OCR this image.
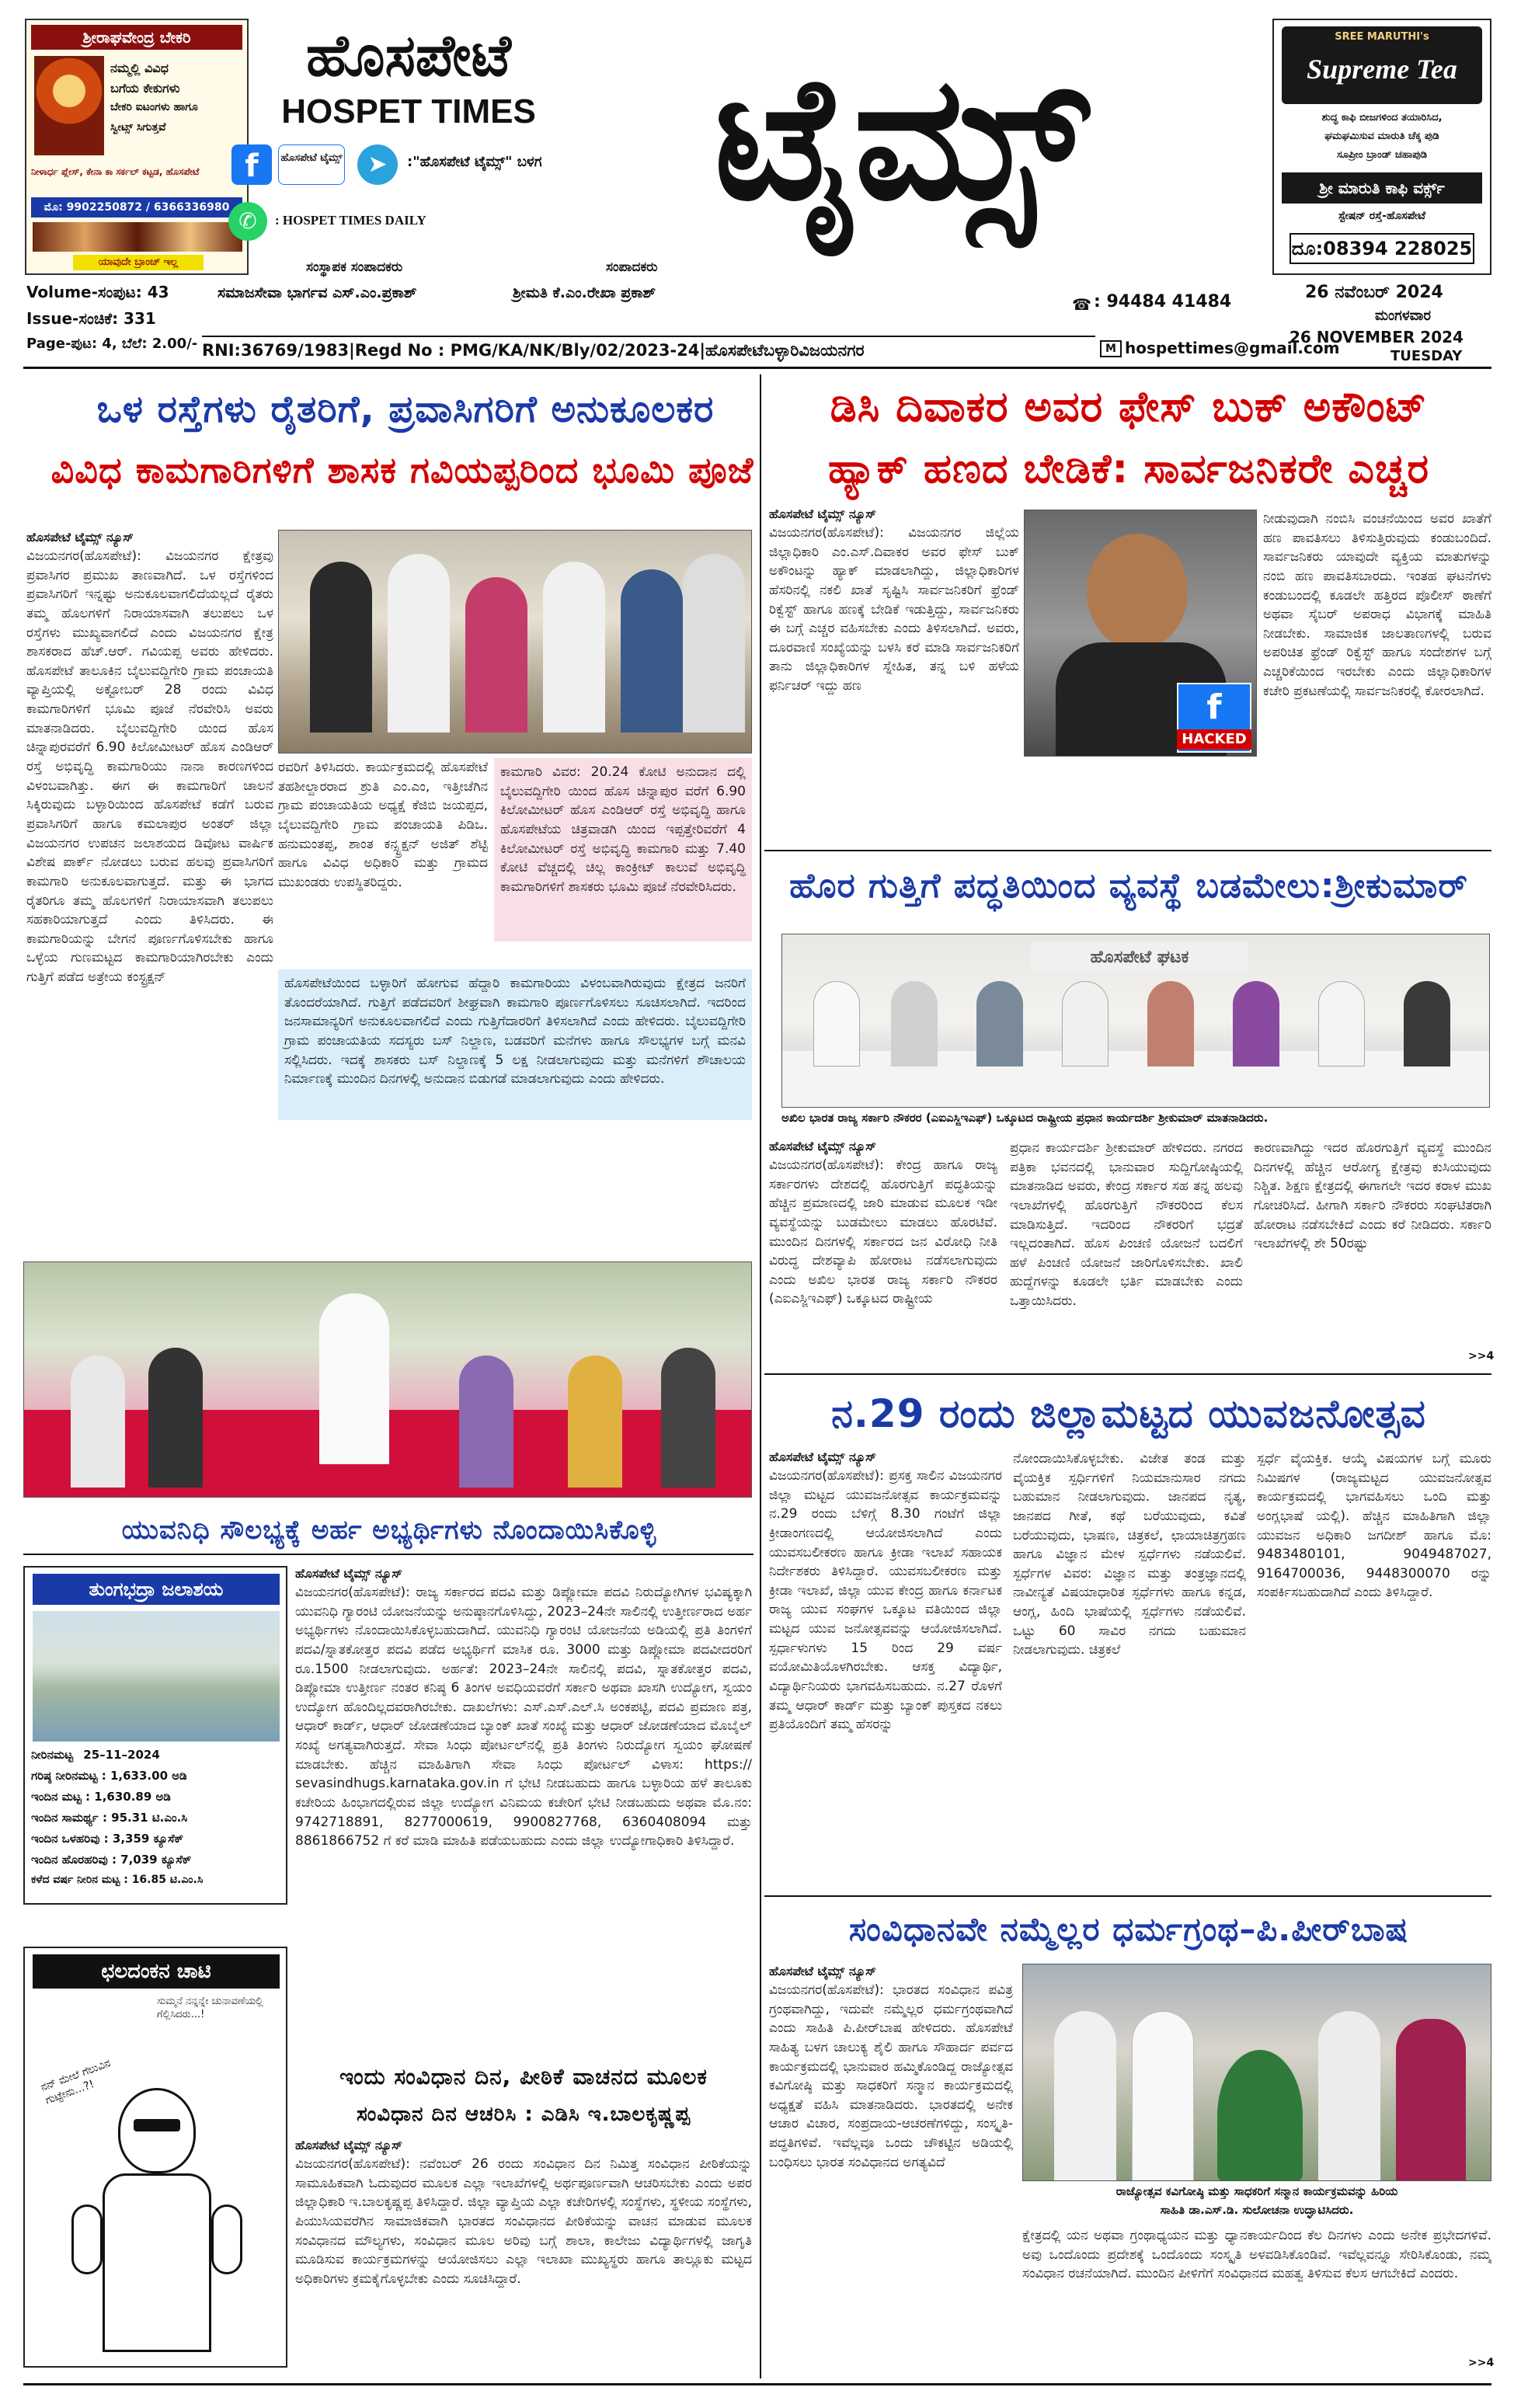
ಶ್ರೀರಾಘವೇಂದ್ರ ಬೇಕರಿ
ನಮ್ಮಲ್ಲಿ ವಿವಿಧ
ಬಗೆಯ ಕೇಕುಗಳು
ಬೇಕರಿ ಐಟಂಗಳು ಹಾಗೂ
ಸ್ವೀಟ್ಸ್ ಸಿಗುತ್ತವೆ
ನೀಳಾರ್ಧ ಪ್ಲೇಸ್, ಕೇನಾ ಕಾ ಸರ್ಕಲ್ ಕಟ್ಟಡ, ಹೊಸಪೇಟೆ
ಮೊ: 9902250872 / 6366336980
ಯಾವುದೇ ಬ್ರಾಂಚ್ ಇಲ್ಲ
ಹೊಸಪೇಟೆ
HOSPET TIMES	ಟೈಮ್ಸ್
f	ಹೊಸಪೇಟೆ ಟೈಮ್ಸ್	➤	:"ಹೊಸಪೇಟೆ ಟೈಮ್ಸ್" ಬಳಗ
✆	: HOSPET TIMES DAILY
ಸಂಸ್ಥಾಪಕ ಸಂಪಾದಕರು	ಸಂಪಾದಕರು
SREE MARUTHI's
Supreme Tea
ಶುದ್ಧ ಕಾಫಿ ಬೀಜಗಳಿಂದ ತಯಾರಿಸಿದ,
ಘಮಘಮಿಸುವ ಮಾರುತಿ ಚೆಕ್ಕ ಪುಡಿ
ಸೂಪ್ರೀಂ ಬ್ರಾಂಡ್ ಚಹಾಪುಡಿ
ಶ್ರೀ ಮಾರುತಿ ಕಾಫಿ ವರ್ಕ್ಸ್
ಸ್ಟೇಷನ್ ರಸ್ತೆ-ಹೊಸಪೇಟೆ
ದೂ:08394 228025
Volume-ಸಂಪುಟ: 43
Issue-ಸಂಚಿಕೆ: 331
Page-ಪುಟ: 4, ಬೆಲೆ: 2.00/-
ಸಮಾಜಸೇವಾ ಭಾರ್ಗವ ಎಸ್.ಎಂ.ಪ್ರಕಾಶ್	ಶ್ರೀಮತಿ ಕೆ.ಎಂ.ರೇಖಾ ಪ್ರಕಾಶ್
☎ : 94484 41484	26 ನವೆಂಬರ್ 2024
ಮಂಗಳವಾರ
26 NOVEMBER 2024
TUESDAY
RNI:36769/1983|Regd No : PMG/KA/NK/Bly/02/2023-24|ಹೊಸಪೇಟೆಬಳ್ಳಾರಿವಿಜಯನಗರ	M hospettimes@gmail.com
ಒಳ ರಸ್ತೆಗಳು ರೈತರಿಗೆ, ಪ್ರವಾಸಿಗರಿಗೆ ಅನುಕೂಲಕರ
ವಿವಿಧ ಕಾಮಗಾರಿಗಳಿಗೆ ಶಾಸಕ ಗವಿಯಪ್ಪರಿಂದ ಭೂಮಿ ಪೂಜೆ
ಹೊಸಪೇಟೆ ಟೈಮ್ಸ್ ನ್ಯೂಸ್
ವಿಜಯನಗರ(ಹೊಸಪೇಟೆ): ವಿಜಯನಗರ ಕ್ಷೇತ್ರವು ಪ್ರವಾಸಿಗರ ಪ್ರಮುಖ ತಾಣವಾಗಿದೆ. ಒಳ ರಸ್ತೆಗಳಿಂದ ಪ್ರವಾಸಿಗರಿಗೆ ಇನ್ನಷ್ಟು ಅನುಕೂಲವಾಗಲಿದೆಯಲ್ಲದೆ ರೈತರು ತಮ್ಮ ಹೊಲಗಳಿಗೆ ನಿರಾಯಾಸವಾಗಿ ತಲುಪಲು ಒಳ ರಸ್ತೆಗಳು ಮುಖ್ಯವಾಗಲಿದೆ ಎಂದು ವಿಜಯನಗರ ಕ್ಷೇತ್ರ ಶಾಸಕರಾದ ಹೆಚ್.ಆರ್. ಗವಿಯಪ್ಪ ಅವರು ಹೇಳಿದರು. ಹೊಸಪೇಟೆ ತಾಲೂಕಿನ ಬೈಲುವದ್ದಿಗೇರಿ ಗ್ರಾಮ ಪಂಚಾಯತಿ ವ್ಯಾಪ್ತಿಯಲ್ಲಿ ಅಕ್ಟೋಬರ್ 28 ರಂದು ವಿವಿಧ ಕಾಮಗಾರಿಗಳಿಗೆ ಭೂಮಿ ಪೂಜೆ ನೆರವೇರಿಸಿ ಅವರು ಮಾತನಾಡಿದರು. ಬೈಲುವದ್ದಿಗೇರಿ ಯಿಂದ ಹೊಸ ಚಿನ್ನಾಪುರವರೆಗೆ 6.90 ಕಿಲೋಮೀಟರ್ ಹೊಸ ಎಂಡಿಆರ್ ರಸ್ತೆ ಅಭಿವೃದ್ಧಿ ಕಾಮಗಾರಿಯು ನಾನಾ ಕಾರಣಗಳಿಂದ ವಿಳಂಬವಾಗಿತ್ತು. ಈಗ ಈ ಕಾಮಗಾರಿಗೆ ಚಾಲನೆ ಸಿಕ್ಕಿರುವುದು ಬಳ್ಳಾರಿಯಿಂದ ಹೊಸಪೇಟೆ ಕಡೆಗೆ ಬರುವ ಪ್ರವಾಸಿಗರಿಗೆ ಹಾಗೂ ಕಮಲಾಪುರ ಅಂತರ್ ಜಿಲ್ಲಾ ವಿಜಯನಗರ ಉಪಚನ ಜಲಾಶಯದ ಡಿವೋಟ ವಾರ್ಷಿಕ ವಿಶೇಷ ಪಾರ್ಕ್ ನೋಡಲು ಬರುವ ಹಲವು ಪ್ರವಾಸಿಗರಿಗೆ ಕಾಮಗಾರಿ ಅನುಕೂಲವಾಗುತ್ತದೆ. ಮತ್ತು ಈ ಭಾಗದ ರೈತರಿಗೂ ತಮ್ಮ ಹೊಲಗಳಿಗೆ ನಿರಾಯಾಸವಾಗಿ ತಲುಪಲು ಸಹಕಾರಿಯಾಗುತ್ತದೆ ಎಂದು ತಿಳಿಸಿದರು. ಈ ಕಾಮಗಾರಿಯನ್ನು ಬೇಗನೆ ಪೂರ್ಣಗೊಳಿಸಬೇಕು ಹಾಗೂ ಒಳ್ಳೆಯ ಗುಣಮಟ್ಟದ ಕಾಮಗಾರಿಯಾಗಿರಬೇಕು ಎಂದು ಗುತ್ತಿಗೆ ಪಡೆದ ಅತ್ರೇಯ ಕಂಸ್ಟ್ರಕ್ಷನ್
ರವರಿಗೆ ತಿಳಿಸಿದರು. ಕಾರ್ಯಕ್ರಮದಲ್ಲಿ ಹೊಸಪೇಟೆ ತಹಶೀಲ್ದಾರರಾದ ಶ್ರುತಿ ಎಂ.ಎಂ, ಇತ್ತೀಚೆಗಿನ ಗ್ರಾಮ ಪಂಚಾಯತಿಯ ಅಧ್ಯಕ್ಷೆ ಕೆಜಿಬಿ ಜಯಪ್ಪದ, ಬೈಲುವದ್ದಿಗೇರಿ ಗ್ರಾಮ ಪಂಚಾಯತಿ ಪಿಡಿಒ. ಹನುಮಂತಪ್ಪ, ಶಾಂತ ಕನ್ಸ್ಟ್ರಕ್ಷನ್ ಅಜಿತ್ ಶೆಟ್ಟಿ ಹಾಗೂ ವಿವಿಧ ಅಧಿಕಾರಿ ಮತ್ತು ಗ್ರಾಮದ ಮುಖಂಡರು ಉಪಸ್ಥಿತರಿದ್ದರು.
ಕಾಮಗಾರಿ ವಿವರ: 20.24 ಕೋಟಿ ಅನುದಾನ ದಲ್ಲಿ ಬೈಲುವದ್ದಿಗೇರಿ ಯಿಂದ ಹೊಸ ಚಿನ್ನಾಪುರ ವರೆಗೆ 6.90 ಕಿಲೋಮೀಟರ್ ಹೊಸ ಎಂಡಿಆರ್ ರಸ್ತೆ ಅಭಿವೃದ್ಧಿ ಹಾಗೂ ಹೊಸಪೇಟೆಯ ಚಿತ್ರವಾಡಗಿ ಯಿಂದ ಇಪ್ಪತ್ತೇರಿವರೆಗೆ 4 ಕಿಲೋಮೀಟರ್ ರಸ್ತೆ ಅಭಿವೃದ್ಧಿ ಕಾಮಗಾರಿ ಮತ್ತು 7.40 ಕೋಟಿ ವೆಚ್ಚದಲ್ಲಿ ಚಿಲ್ಲ ಕಾಂಕ್ರೀಟ್ ಕಾಲುವೆ ಅಭಿವೃದ್ಧಿ ಕಾಮಗಾರಿಗಳಿಗೆ ಶಾಸಕರು ಭೂಮಿ ಪೂಜೆ ನೆರವೇರಿಸಿದರು.
ಹೊಸಪೇಟೆಯಿಂದ ಬಳ್ಳಾರಿಗೆ ಹೋಗುವ ಹೆದ್ದಾರಿ ಕಾಮಗಾರಿಯು ವಿಳಂಬವಾಗಿರುವುದು ಕ್ಷೇತ್ರದ ಜನರಿಗೆ ತೊಂದರೆಯಾಗಿದೆ. ಗುತ್ತಿಗೆ ಪಡೆದವರಿಗೆ ಶೀಘ್ರವಾಗಿ ಕಾಮಗಾರಿ ಪೂರ್ಣಗೊಳಿಸಲು ಸೂಚಿಸಲಾಗಿದೆ. ಇದರಿಂದ ಜನಸಾಮಾನ್ಯರಿಗೆ ಅನುಕೂಲವಾಗಲಿದೆ ಎಂದು ಗುತ್ತಿಗೆದಾರರಿಗೆ ತಿಳಿಸಲಾಗಿದೆ ಎಂದು ಹೇಳಿದರು. ಬೈಲುವದ್ದಿಗೇರಿ ಗ್ರಾಮ ಪಂಚಾಯತಿಯ ಸದಸ್ಯರು ಬಸ್ ನಿಲ್ದಾಣ, ಬಡವರಿಗೆ ಮನೆಗಳು ಹಾಗೂ ಸೌಲಭ್ಯಗಳ ಬಗ್ಗೆ ಮನವಿ ಸಲ್ಲಿಸಿದರು. ಇದಕ್ಕೆ ಶಾಸಕರು ಬಸ್ ನಿಲ್ದಾಣಕ್ಕೆ 5 ಲಕ್ಷ ನೀಡಲಾಗುವುದು ಮತ್ತು ಮನೆಗಳಿಗೆ ಶೌಚಾಲಯ ನಿರ್ಮಾಣಕ್ಕೆ ಮುಂದಿನ ದಿನಗಳಲ್ಲಿ ಅನುದಾನ ಬಿಡುಗಡೆ ಮಾಡಲಾಗುವುದು ಎಂದು ಹೇಳಿದರು.
ಯುವನಿಧಿ ಸೌಲಭ್ಯಕ್ಕೆ ಅರ್ಹ ಅಭ್ಯರ್ಥಿಗಳು ನೊಂದಾಯಿಸಿಕೊಳ್ಳಿ
ತುಂಗಭದ್ರಾ ಜಲಾಶಯ
ನೀರಿನಮಟ್ಟ 25–11–2024
ಗರಿಷ್ಠ ನೀರಿನಮಟ್ಟ : 1,633.00 ಅಡಿ
ಇಂದಿನ ಮಟ್ಟ : 1,630.89 ಅಡಿ
ಇಂದಿನ ಸಾಮರ್ಥ್ಯ : 95.31 ಟಿ.ಎಂ.ಸಿ
ಇಂದಿನ ಒಳಹರಿವು : 3,359 ಕ್ಯೂಸೆಕ್
ಇಂದಿನ ಹೊರಹರಿವು : 7,039 ಕ್ಯೂಸೆಕ್
ಕಳೆದ ವರ್ಷ ನೀರಿನ ಮಟ್ಟ : 16.85 ಟಿ.ಎಂ.ಸಿ
ಛಲದಂಕನ ಚಾಟಿ
ನನ್ ಮೇಲೆ ಗೆಲುವಿನ ಗುಟ್ಟೇನು...?!
ಸುಮ್ಮನೆ ನನ್ನನ್ನೇ ಚುನಾವಣೆಯಲ್ಲಿ ಗೆಲ್ಲಿಸಿದರು...!
ಹೊಸಪೇಟೆ ಟೈಮ್ಸ್ ನ್ಯೂಸ್
ವಿಜಯನಗರ(ಹೊಸಪೇಟೆ): ರಾಜ್ಯ ಸರ್ಕಾರದ ಪದವಿ ಮತ್ತು ಡಿಪ್ಲೋಮಾ ಪದವಿ ನಿರುದ್ಯೋಗಿಗಳ ಭವಿಷ್ಯಕ್ಕಾಗಿ ಯುವನಿಧಿ ಗ್ಯಾರಂಟಿ ಯೋಜನೆಯನ್ನು ಅನುಷ್ಠಾನಗೊಳಿಸಿದ್ದು, 2023–24ನೇ ಸಾಲಿನಲ್ಲಿ ಉತ್ತೀರ್ಣರಾದ ಅರ್ಹ ಅಭ್ಯರ್ಥಿಗಳು ನೊಂದಾಯಿಸಿಕೊಳ್ಳಬಹುದಾಗಿದೆ. ಯುವನಿಧಿ ಗ್ಯಾರಂಟಿ ಯೋಜನೆಯ ಅಡಿಯಲ್ಲಿ ಪ್ರತಿ ತಿಂಗಳಿಗೆ ಪದವಿ/ಸ್ನಾತಕೋತ್ತರ ಪದವಿ ಪಡೆದ ಅಭ್ಯರ್ಥಿಗೆ ಮಾಸಿಕ ರೂ. 3000 ಮತ್ತು ಡಿಪ್ಲೋಮಾ ಪದವೀದರರಿಗೆ ರೂ.1500 ನೀಡಲಾಗುವುದು. ಅರ್ಹತೆ: 2023–24ನೇ ಸಾಲಿನಲ್ಲಿ ಪದವಿ, ಸ್ನಾತಕೋತ್ತರ ಪದವಿ, ಡಿಪ್ಲೋಮಾ ಉತ್ತೀರ್ಣ ನಂತರ ಕನಿಷ್ಠ 6 ತಿಂಗಳ ಅವಧಿಯವರೆಗೆ ಸರ್ಕಾರಿ ಅಥವಾ ಖಾಸಗಿ ಉದ್ಯೋಗ, ಸ್ವಯಂ ಉದ್ಯೋಗ ಹೊಂದಿಲ್ಲದವರಾಗಿರಬೇಕು. ದಾಖಲೆಗಳು: ಎಸ್.ಎಸ್.ಎಲ್.ಸಿ ಅಂಕಪಟ್ಟಿ, ಪದವಿ ಪ್ರಮಾಣ ಪತ್ರ, ಆಧಾರ್ ಕಾರ್ಡ್, ಆಧಾರ್ ಜೋಡಣೆಯಾದ ಬ್ಯಾಂಕ್ ಖಾತೆ ಸಂಖ್ಯೆ ಮತ್ತು ಆಧಾರ್ ಜೋಡಣೆಯಾದ ಮೊಬೈಲ್ ಸಂಖ್ಯೆ ಅಗತ್ಯವಾಗಿರುತ್ತದೆ. ಸೇವಾ ಸಿಂಧು ಪೋರ್ಟಲ್‌ನಲ್ಲಿ ಪ್ರತಿ ತಿಂಗಳು ನಿರುದ್ಯೋಗ ಸ್ವಯಂ ಘೋಷಣೆ ಮಾಡಬೇಕು. ಹೆಚ್ಚಿನ ಮಾಹಿತಿಗಾಗಿ ಸೇವಾ ಸಿಂಧು ಪೋರ್ಟಲ್ ವಿಳಾಸ: https:// sevasindhugs.karnataka.gov.in ಗೆ ಭೇಟಿ ನೀಡಬಹುದು ಹಾಗೂ ಬಳ್ಳಾರಿಯ ಹಳೆ ತಾಲೂಕು ಕಚೇರಿಯ ಹಿಂಭಾಗದಲ್ಲಿರುವ ಜಿಲ್ಲಾ ಉದ್ಯೋಗ ವಿನಿಮಯ ಕಚೇರಿಗೆ ಭೇಟಿ ನೀಡಬಹುದು ಅಥವಾ ಮೊ.ನಂ: 9742718891, 8277000619, 9900827768, 6360408094 ಮತ್ತು 8861866752 ಗೆ ಕರೆ ಮಾಡಿ ಮಾಹಿತಿ ಪಡೆಯಬಹುದು ಎಂದು ಜಿಲ್ಲಾ ಉದ್ಯೋಗಾಧಿಕಾರಿ ತಿಳಿಸಿದ್ದಾರೆ.
ಇಂದು ಸಂವಿಧಾನ ದಿನ, ಪೀಠಿಕೆ ವಾಚನದ ಮೂಲಕ
ಸಂವಿಧಾನ ದಿನ ಆಚರಿಸಿ : ಎಡಿಸಿ ಇ.ಬಾಲಕೃಷ್ಣಪ್ಪ
ಹೊಸಪೇಟೆ ಟೈಮ್ಸ್ ನ್ಯೂಸ್
ವಿಜಯನಗರ(ಹೊಸಪೇಟೆ): ನವೆಂಬರ್ 26 ರಂದು ಸಂವಿಧಾನ ದಿನ ನಿಮಿತ್ತ ಸಂವಿಧಾನ ಪೀಠಿಕೆಯನ್ನು ಸಾಮೂಹಿಕವಾಗಿ ಓದುವುದರ ಮೂಲಕ ಎಲ್ಲಾ ಇಲಾಖೆಗಳಲ್ಲಿ ಅರ್ಥಪೂರ್ಣವಾಗಿ ಆಚರಿಸಬೇಕು ಎಂದು ಅಪರ ಜಿಲ್ಲಾಧಿಕಾರಿ ಇ.ಬಾಲಕೃಷ್ಣಪ್ಪ ತಿಳಿಸಿದ್ದಾರೆ. ಜಿಲ್ಲಾ ವ್ಯಾಪ್ತಿಯ ಎಲ್ಲಾ ಕಚೇರಿಗಳಲ್ಲಿ ಸಂಸ್ಥೆಗಳು, ಸ್ಥಳೀಯ ಸಂಸ್ಥೆಗಳು, ಪಿಯುಸಿಯವರೆಗಿನ ಸಾಮಾಜಿಕವಾಗಿ ಭಾರತದ ಸಂವಿಧಾನದ ಪೀಠಿಕೆಯನ್ನು ವಾಚನ ಮಾಡುವ ಮೂಲಕ ಸಂವಿಧಾನದ ಮೌಲ್ಯಗಳು, ಸಂವಿಧಾನ ಮೂಲ ಅರಿವು ಬಗ್ಗೆ ಶಾಲಾ, ಕಾಲೇಜು ವಿದ್ಯಾರ್ಥಿಗಳಲ್ಲಿ ಜಾಗೃತಿ ಮೂಡಿಸುವ ಕಾರ್ಯಕ್ರಮಗಳನ್ನು ಆಯೋಜಿಸಲು ಎಲ್ಲಾ ಇಲಾಖಾ ಮುಖ್ಯಸ್ಥರು ಹಾಗೂ ತಾಲ್ಲೂಕು ಮಟ್ಟದ ಅಧಿಕಾರಿಗಳು ಕ್ರಮಕೈಗೊಳ್ಳಬೇಕು ಎಂದು ಸೂಚಿಸಿದ್ದಾರೆ.
ಡಿಸಿ ದಿವಾಕರ ಅವರ ಫೇಸ್ ಬುಕ್ ಅಕೌಂಟ್
ಹ್ಯಾಕ್ ಹಣದ ಬೇಡಿಕೆ: ಸಾರ್ವಜನಿಕರೇ ಎಚ್ಚರ
ಹೊಸಪೇಟೆ ಟೈಮ್ಸ್ ನ್ಯೂಸ್
ವಿಜಯನಗರ(ಹೊಸಪೇಟೆ): ವಿಜಯನಗರ ಜಿಲ್ಲೆಯ ಜಿಲ್ಲಾಧಿಕಾರಿ ಎಂ.ಎಸ್.ದಿವಾಕರ ಅವರ ಫೇಸ್ ಬುಕ್ ಅಕೌಂಟನ್ನು ಹ್ಯಾಕ್ ಮಾಡಲಾಗಿದ್ದು, ಜಿಲ್ಲಾಧಿಕಾರಿಗಳ ಹೆಸರಿನಲ್ಲಿ ನಕಲಿ ಖಾತೆ ಸೃಷ್ಟಿಸಿ ಸಾರ್ವಜನಿಕರಿಗೆ ಫ್ರೆಂಡ್ ರಿಕ್ವೆಸ್ಟ್ ಹಾಗೂ ಹಣಕ್ಕೆ ಬೇಡಿಕೆ ಇಡುತ್ತಿದ್ದು, ಸಾರ್ವಜನಿಕರು ಈ ಬಗ್ಗೆ ಎಚ್ಚರ ವಹಿಸಬೇಕು ಎಂದು ತಿಳಿಸಲಾಗಿದೆ. ಅವರು, ದೂರವಾಣಿ ಸಂಖ್ಯೆಯನ್ನು ಬಳಸಿ ಕರೆ ಮಾಡಿ ಸಾರ್ವಜನಿಕರಿಗೆ ತಾನು ಜಿಲ್ಲಾಧಿಕಾರಿಗಳ ಸ್ನೇಹಿತ, ತನ್ನ ಬಳಿ ಹಳೆಯ ಫರ್ನಿಚರ್ ಇದ್ದು ಹಣ
f
HACKED
ನೀಡುವುದಾಗಿ ನಂಬಿಸಿ ವಂಚನೆಯಿಂದ ಅವರ ಖಾತೆಗೆ ಹಣ ಪಾವತಿಸಲು ತಿಳಿಸುತ್ತಿರುವುದು ಕಂಡುಬಂದಿದೆ. ಸಾರ್ವಜನಿಕರು ಯಾವುದೇ ವ್ಯಕ್ತಿಯ ಮಾತುಗಳನ್ನು ನಂಬಿ ಹಣ ಪಾವತಿಸಬಾರದು. ಇಂತಹ ಘಟನೆಗಳು ಕಂಡುಬಂದಲ್ಲಿ ಕೂಡಲೇ ಹತ್ತಿರದ ಪೊಲೀಸ್ ಠಾಣೆಗೆ ಅಥವಾ ಸೈಬರ್ ಅಪರಾಧ ವಿಭಾಗಕ್ಕೆ ಮಾಹಿತಿ ನೀಡಬೇಕು. ಸಾಮಾಜಿಕ ಜಾಲತಾಣಗಳಲ್ಲಿ ಬರುವ ಅಪರಿಚಿತ ಫ್ರೆಂಡ್ ರಿಕ್ವೆಸ್ಟ್ ಹಾಗೂ ಸಂದೇಶಗಳ ಬಗ್ಗೆ ಎಚ್ಚರಿಕೆಯಿಂದ ಇರಬೇಕು ಎಂದು ಜಿಲ್ಲಾಧಿಕಾರಿಗಳ ಕಚೇರಿ ಪ್ರಕಟಣೆಯಲ್ಲಿ ಸಾರ್ವಜನಿಕರಲ್ಲಿ ಕೋರಲಾಗಿದೆ.
ಹೊರ ಗುತ್ತಿಗೆ ಪದ್ಧತಿಯಿಂದ ವ್ಯವಸ್ಥೆ ಬಡಮೇಲು:ಶ್ರೀಕುಮಾರ್
ಹೊಸಪೇಟೆ ಘಟಕ
ಅಖಿಲ ಭಾರತ ರಾಜ್ಯ ಸರ್ಕಾರಿ ನೌಕರರ (ಎಐಎಸ್ಜಿಇಎಫ್) ಒಕ್ಕೂಟದ ರಾಷ್ಟ್ರೀಯ ಪ್ರಧಾನ ಕಾರ್ಯದರ್ಶಿ ಶ್ರೀಕುಮಾರ್ ಮಾತನಾಡಿದರು.
ಹೊಸಪೇಟೆ ಟೈಮ್ಸ್ ನ್ಯೂಸ್
ವಿಜಯನಗರ(ಹೊಸಪೇಟೆ): ಕೇಂದ್ರ ಹಾಗೂ ರಾಜ್ಯ ಸರ್ಕಾರಗಳು ದೇಶದಲ್ಲಿ ಹೊರಗುತ್ತಿಗೆ ಪದ್ಧತಿಯನ್ನು ಹೆಚ್ಚಿನ ಪ್ರಮಾಣದಲ್ಲಿ ಜಾರಿ ಮಾಡುವ ಮೂಲಕ ಇಡೀ ವ್ಯವಸ್ಥೆಯನ್ನು ಬುಡಮೇಲು ಮಾಡಲು ಹೊರಟಿವೆ. ಮುಂದಿನ ದಿನಗಳಲ್ಲಿ ಸರ್ಕಾರದ ಜನ ವಿರೋಧಿ ನೀತಿ ವಿರುದ್ಧ ದೇಶವ್ಯಾಪಿ ಹೋರಾಟ ನಡೆಸಲಾಗುವುದು ಎಂದು ಅಖಿಲ ಭಾರತ ರಾಜ್ಯ ಸರ್ಕಾರಿ ನೌಕರರ (ಎಐಎಸ್ಜಿಇಎಫ್) ಒಕ್ಕೂಟದ ರಾಷ್ಟ್ರೀಯ
ಪ್ರಧಾನ ಕಾರ್ಯದರ್ಶಿ ಶ್ರೀಕುಮಾರ್ ಹೇಳಿದರು. ನಗರದ ಪತ್ರಿಕಾ ಭವನದಲ್ಲಿ ಭಾನುವಾರ ಸುದ್ದಿಗೋಷ್ಠಿಯಲ್ಲಿ ಮಾತನಾಡಿದ ಅವರು, ಕೇಂದ್ರ ಸರ್ಕಾರ ಸಹ ತನ್ನ ಹಲವು ಇಲಾಖೆಗಳಲ್ಲಿ ಹೊರಗುತ್ತಿಗೆ ನೌಕರರಿಂದ ಕೆಲಸ ಮಾಡಿಸುತ್ತಿದೆ. ಇದರಿಂದ ನೌಕರರಿಗೆ ಭದ್ರತೆ ಇಲ್ಲದಂತಾಗಿದೆ. ಹೊಸ ಪಿಂಚಣಿ ಯೋಜನೆ ಬದಲಿಗೆ ಹಳೆ ಪಿಂಚಣಿ ಯೋಜನೆ ಜಾರಿಗೊಳಿಸಬೇಕು. ಖಾಲಿ ಹುದ್ದೆಗಳನ್ನು ಕೂಡಲೇ ಭರ್ತಿ ಮಾಡಬೇಕು ಎಂದು ಒತ್ತಾಯಿಸಿದರು.
ಕಾರಣವಾಗಿದ್ದು ಇದರ ಹೊರಗುತ್ತಿಗೆ ವ್ಯವಸ್ಥೆ ಮುಂದಿನ ದಿನಗಳಲ್ಲಿ ಹೆಚ್ಚಿನ ಆರೋಗ್ಯ ಕ್ಷೇತ್ರವು ಕುಸಿಯುವುದು ನಿಶ್ಚಿತ. ಶಿಕ್ಷಣ ಕ್ಷೇತ್ರದಲ್ಲಿ ಈಗಾಗಲೇ ಇದರ ಕರಾಳ ಮುಖ ಗೋಚರಿಸಿದೆ. ಹೀಗಾಗಿ ಸರ್ಕಾರಿ ನೌಕರರು ಸಂಘಟಿತರಾಗಿ ಹೋರಾಟ ನಡೆಸಬೇಕಿದೆ ಎಂದು ಕರೆ ನೀಡಿದರು. ಸರ್ಕಾರಿ ಇಲಾಖೆಗಳಲ್ಲಿ ಶೇ 50ರಷ್ಟು
>>4
ನ.29 ರಂದು ಜಿಲ್ಲಾಮಟ್ಟದ ಯುವಜನೋತ್ಸವ
ಹೊಸಪೇಟೆ ಟೈಮ್ಸ್ ನ್ಯೂಸ್
ವಿಜಯನಗರ(ಹೊಸಪೇಟೆ): ಪ್ರಸಕ್ತ ಸಾಲಿನ ವಿಜಯನಗರ ಜಿಲ್ಲಾ ಮಟ್ಟದ ಯುವಜನೋತ್ಸವ ಕಾರ್ಯಕ್ರಮವನ್ನು ನ.29 ರಂದು ಬೆಳಿಗ್ಗೆ 8.30 ಗಂಟೆಗೆ ಜಿಲ್ಲಾ ಕ್ರೀಡಾಂಗಣದಲ್ಲಿ ಆಯೋಜಿಸಲಾಗಿದೆ ಎಂದು ಯುವಸಬಲೀಕರಣ ಹಾಗೂ ಕ್ರೀಡಾ ಇಲಾಖೆ ಸಹಾಯಕ ನಿರ್ದೇಶಕರು ತಿಳಿಸಿದ್ದಾರೆ. ಯುವಸಬಲೀಕರಣ ಮತ್ತು ಕ್ರೀಡಾ ಇಲಾಖೆ, ಜಿಲ್ಲಾ ಯುವ ಕೇಂದ್ರ ಹಾಗೂ ಕರ್ನಾಟಕ ರಾಜ್ಯ ಯುವ ಸಂಘಗಳ ಒಕ್ಕೂಟ ವತಿಯಿಂದ ಜಿಲ್ಲಾ ಮಟ್ಟದ ಯುವ ಜನೋತ್ಸವವನ್ನು ಆಯೋಜಿಸಲಾಗಿದೆ. ಸ್ಪರ್ಧಾಳುಗಳು 15 ರಿಂದ 29 ವರ್ಷ ವಯೋಮಿತಿಯೊಳಗಿರಬೇಕು. ಆಸಕ್ತ ವಿದ್ಯಾರ್ಥಿ, ವಿದ್ಯಾರ್ಥಿನಿಯರು ಭಾಗವಹಿಸಬಹುದು. ನ.27 ರೊಳಗೆ ತಮ್ಮ ಆಧಾರ್ ಕಾರ್ಡ್ ಮತ್ತು ಬ್ಯಾಂಕ್ ಪುಸ್ತಕದ ನಕಲು ಪ್ರತಿಯೊಂದಿಗೆ ತಮ್ಮ ಹೆಸರನ್ನು
ನೋಂದಾಯಿಸಿಕೊಳ್ಳಬೇಕು. ವಿಜೇತ ತಂಡ ಮತ್ತು ವೈಯಕ್ತಿಕ ಸ್ಪರ್ಧಿಗಳಿಗೆ ನಿಯಮಾನುಸಾರ ನಗದು ಬಹುಮಾನ ನೀಡಲಾಗುವುದು. ಜಾನಪದ ನೃತ್ಯ, ಜಾನಪದ ಗೀತೆ, ಕಥೆ ಬರೆಯುವುದು, ಕವಿತೆ ಬರೆಯುವುದು, ಭಾಷಣ, ಚಿತ್ರಕಲೆ, ಛಾಯಾಚಿತ್ರಗ್ರಹಣ ಹಾಗೂ ವಿಜ್ಞಾನ ಮೇಳ ಸ್ಪರ್ಧೆಗಳು ನಡೆಯಲಿವೆ. ಸ್ಪರ್ಧೆಗಳ ವಿವರ: ವಿಜ್ಞಾನ ಮತ್ತು ತಂತ್ರಜ್ಞಾನದಲ್ಲಿ ನಾವೀನ್ಯತೆ ವಿಷಯಾಧಾರಿತ ಸ್ಪರ್ಧೆಗಳು ಹಾಗೂ ಕನ್ನಡ, ಆಂಗ್ಲ, ಹಿಂದಿ ಭಾಷೆಯಲ್ಲಿ ಸ್ಪರ್ಧೆಗಳು ನಡೆಯಲಿವೆ. ಒಟ್ಟು 60 ಸಾವಿರ ನಗದು ಬಹುಮಾನ ನೀಡಲಾಗುವುದು. ಚಿತ್ರಕಲೆ
ಸ್ಪರ್ಧೆ ವೈಯಕ್ತಿಕ. ಆಯ್ಕೆ ವಿಷಯಗಳ ಬಗ್ಗೆ ಮೂರು ನಿಮಿಷಗಳ (ರಾಜ್ಯಮಟ್ಟದ ಯುವಜನೋತ್ಸವ ಕಾರ್ಯಕ್ರಮದಲ್ಲಿ ಭಾಗವಹಿಸಲು ಒಂದಿ ಮತ್ತು ಅಂಗ್ಲಭಾಷೆ ಯಲ್ಲಿ). ಹೆಚ್ಚಿನ ಮಾಹಿತಿಗಾಗಿ ಜಿಲ್ಲಾ ಯುವಜನ ಅಧಿಕಾರಿ ಜಗದೀಶ್ ಹಾಗೂ ಮೊ: 9483480101, 9049487027, 9164700036, 9448300070 ರನ್ನು ಸಂಪರ್ಕಿಸಬಹುದಾಗಿದೆ ಎಂದು ತಿಳಿಸಿದ್ದಾರೆ.
ಸಂವಿಧಾನವೇ ನಮ್ಮೆಲ್ಲರ ಧರ್ಮಗ್ರಂಥ–ಪಿ.ಪೀರ್‌ಬಾಷ
ಹೊಸಪೇಟೆ ಟೈಮ್ಸ್ ನ್ಯೂಸ್
ವಿಜಯನಗರ(ಹೊಸಪೇಟೆ): ಭಾರತದ ಸಂವಿಧಾನ ಪವಿತ್ರ ಗ್ರಂಥವಾಗಿದ್ದು, ಇದುವೇ ನಮ್ಮೆಲ್ಲರ ಧರ್ಮಗ್ರಂಥವಾಗಿದೆ ಎಂದು ಸಾಹಿತಿ ಪಿ.ಪೀರ್‌ಬಾಷ ಹೇಳಿದರು. ಹೊಸಪೇಟೆ ಸಾಹಿತ್ಯ ಬಳಗ ಚಾಲುಕ್ಯ ಶೈಲಿ ಹಾಗೂ ಸೌಹಾರ್ದ ಪರ್ವದ ಕಾರ್ಯಕ್ರಮದಲ್ಲಿ ಭಾನುವಾರ ಹಮ್ಮಿಕೊಂಡಿದ್ದ ರಾಜ್ಯೋತ್ಸವ ಕವಿಗೋಷ್ಠಿ ಮತ್ತು ಸಾಧಕರಿಗೆ ಸನ್ಮಾನ ಕಾರ್ಯಕ್ರಮದಲ್ಲಿ ಅಧ್ಯಕ್ಷತೆ ವಹಿಸಿ ಮಾತನಾಡಿದರು. ಭಾರತದಲ್ಲಿ ಅನೇಕ ಆಚಾರ ವಿಚಾರ, ಸಂಪ್ರದಾಯ-ಆಚರಣೆಗಳಿದ್ದು, ಸಂಸ್ಕೃತಿ-ಪದ್ಧತಿಗಳಿವೆ. ಇವೆಲ್ಲವೂ ಒಂದು ಚೌಕಟ್ಟಿನ ಅಡಿಯಲ್ಲಿ ಬಂಧಿಸಲು ಭಾರತ ಸಂವಿಧಾನದ ಅಗತ್ಯವಿದೆ
ರಾಜ್ಯೋತ್ಸವ ಕವಿಗೋಷ್ಠಿ ಮತ್ತು ಸಾಧಕರಿಗೆ ಸನ್ಮಾನ ಕಾರ್ಯಕ್ರಮವನ್ನು ಹಿರಿಯ
ಸಾಹಿತಿ ಡಾ.ಎಸ್.ಡಿ. ಸುಲೋಚನಾ ಉದ್ಘಾಟಿಸಿದರು.
ಕ್ಷೇತ್ರದಲ್ಲಿ ಯನ ಅಥವಾ ಗ್ರಂಥಾಧ್ಯಯನ ಮತ್ತು ಧ್ಯಾನಕಾರ್ಯದಿಂದ ಕೆಲ ದಿನಗಳು ಎಂದು ಅನೇಕ ಪ್ರಭೇದಗಳಿವೆ. ಅವು ಒಂದೊಂದು ಪ್ರದೇಶಕ್ಕೆ ಒಂದೊಂದು ಸಂಸ್ಕೃತಿ ಅಳವಡಿಸಿಕೊಂಡಿವೆ. ಇವೆಲ್ಲವನ್ನೂ ಸೇರಿಸಿಕೊಂಡು, ನಮ್ಮ ಸಂವಿಧಾನ ರಚನೆಯಾಗಿದೆ. ಮುಂದಿನ ಪೀಳಿಗೆಗೆ ಸಂವಿಧಾನದ ಮಹತ್ವ ತಿಳಿಸುವ ಕೆಲಸ ಆಗಬೇಕಿದೆ ಎಂದರು.
>>4
